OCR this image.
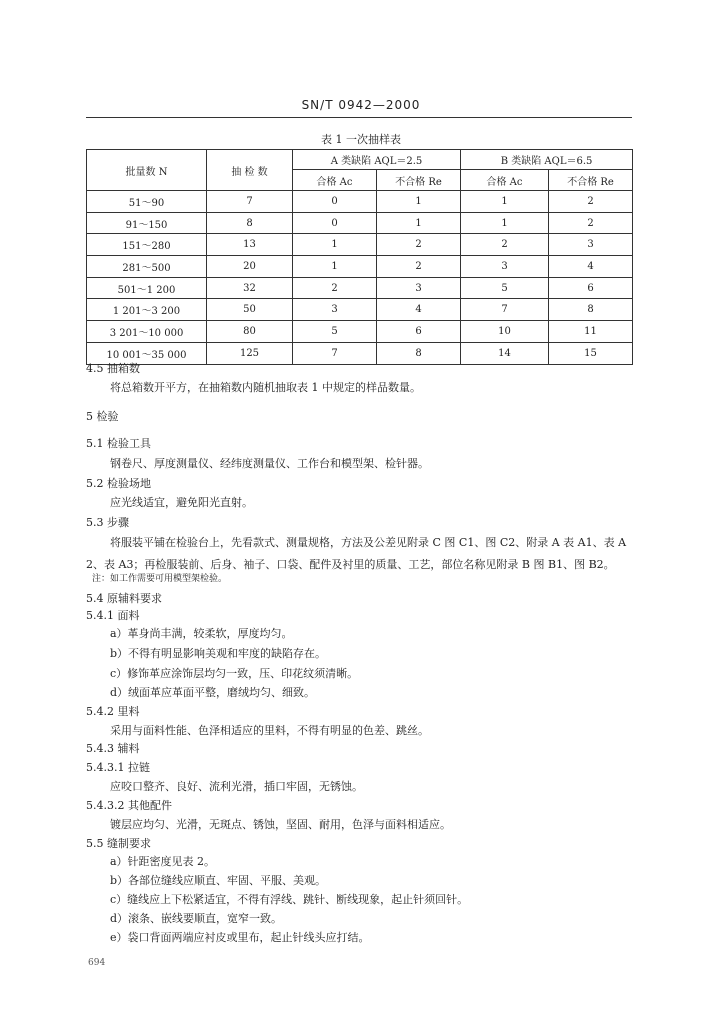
SN/T 0942—2000
表 1 一次抽样表
批量数 N	抽 检 数	A 类缺陷 AQL＝2.5		B 类缺陷 AQL＝6.5	
		合格 Ac	不合格 Re	合格 Ac	不合格 Re
51～90	7	0	1	1	2
91～150	8	0	1	1	2
151～280	13	1	2	2	3
281～500	20	1	2	3	4
501～1 200	32	2	3	5	6
1 201～3 200	50	3	4	7	8
3 201～10 000	80	5	6	10	11
10 001～35 000	125	7	8	14	15
4.5 抽箱数
将总箱数开平方，在抽箱数内随机抽取表 1 中规定的样品数量。
5 检验
5.1 检验工具
钢卷尺、厚度测量仪、经纬度测量仪、工作台和模型架、检针器。
5.2 检验场地
应光线适宜，避免阳光直射。
5.3 步骤
将服装平铺在检验台上，先看款式、测量规格，方法及公差见附录 C 图 C1、图 C2、附录 A 表 A1、表 A2、表 A3；再检服装前、后身、袖子、口袋、配件及衬里的质量、工艺，部位名称见附录 B 图 B1、图 B2。
注：如工作需要可用模型架检验。
5.4 原辅料要求
5.4.1 面料
a）革身尚丰满，较柔软，厚度均匀。
b）不得有明显影响美观和牢度的缺陷存在。
c）修饰革应涂饰层均匀一致，压、印花纹须清晰。
d）绒面革应革面平整，磨绒均匀、细致。
5.4.2 里料
采用与面料性能、色泽相适应的里料，不得有明显的色差、跳丝。
5.4.3 辅料
5.4.3.1 拉链
应咬口整齐、良好、流利光滑，插口牢固，无锈蚀。
5.4.3.2 其他配件
镀层应均匀、光滑，无斑点、锈蚀，坚固、耐用，色泽与面料相适应。
5.5 缝制要求
a）针距密度见表 2。
b）各部位缝线应顺直、牢固、平服、美观。
c）缝线应上下松紧适宜，不得有浮线、跳针、断线现象，起止针须回针。
d）滚条、嵌线要顺直，宽窄一致。
e）袋口背面两端应衬皮或里布，起止针线头应打结。
694
